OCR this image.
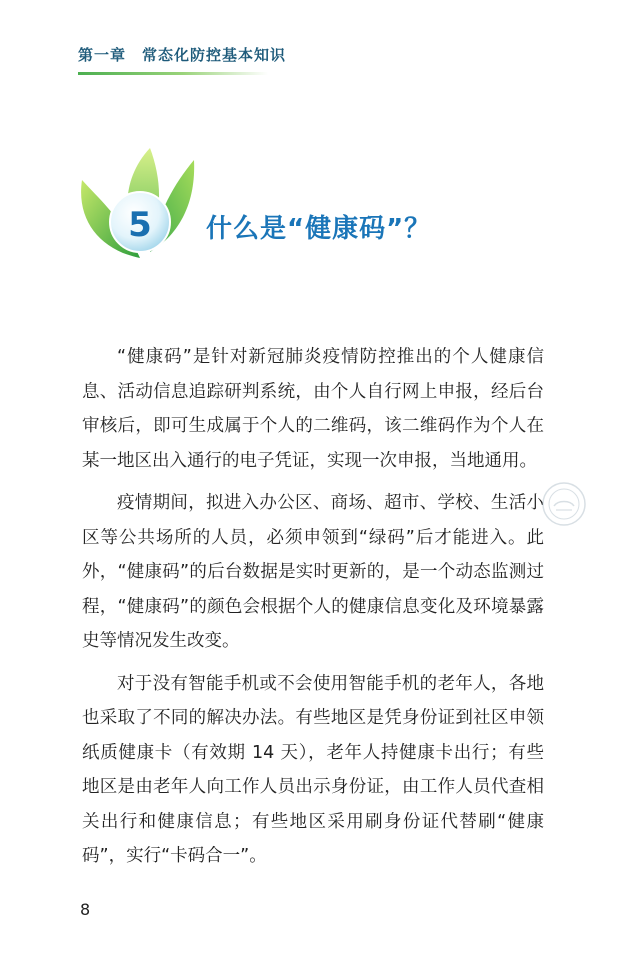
第一章　常态化防控基本知识
5 什么是“健康码”？

“健康码”是针对新冠肺炎疫情防控推出的个人健康信息、活动信息追踪研判系统，由个人自行网上申报，经后台审核后，即可生成属于个人的二维码，该二维码作为个人在某一地区出入通行的电子凭证，实现一次申报，当地通用。

疫情期间，拟进入办公区、商场、超市、学校、生活小区等公共场所的人员，必须申领到“绿码”后才能进入。此外，“健康码”的后台数据是实时更新的，是一个动态监测过程，“健康码”的颜色会根据个人的健康信息变化及环境暴露史等情况发生改变。

对于没有智能手机或不会使用智能手机的老年人，各地也采取了不同的解决办法。有些地区是凭身份证到社区申领纸质健康卡（有效期 14 天），老年人持健康卡出行；有些地区是由老年人向工作人员出示身份证，由工作人员代查相关出行和健康信息；有些地区采用刷身份证代替刷“健康码”，实行“卡码合一”。

8
